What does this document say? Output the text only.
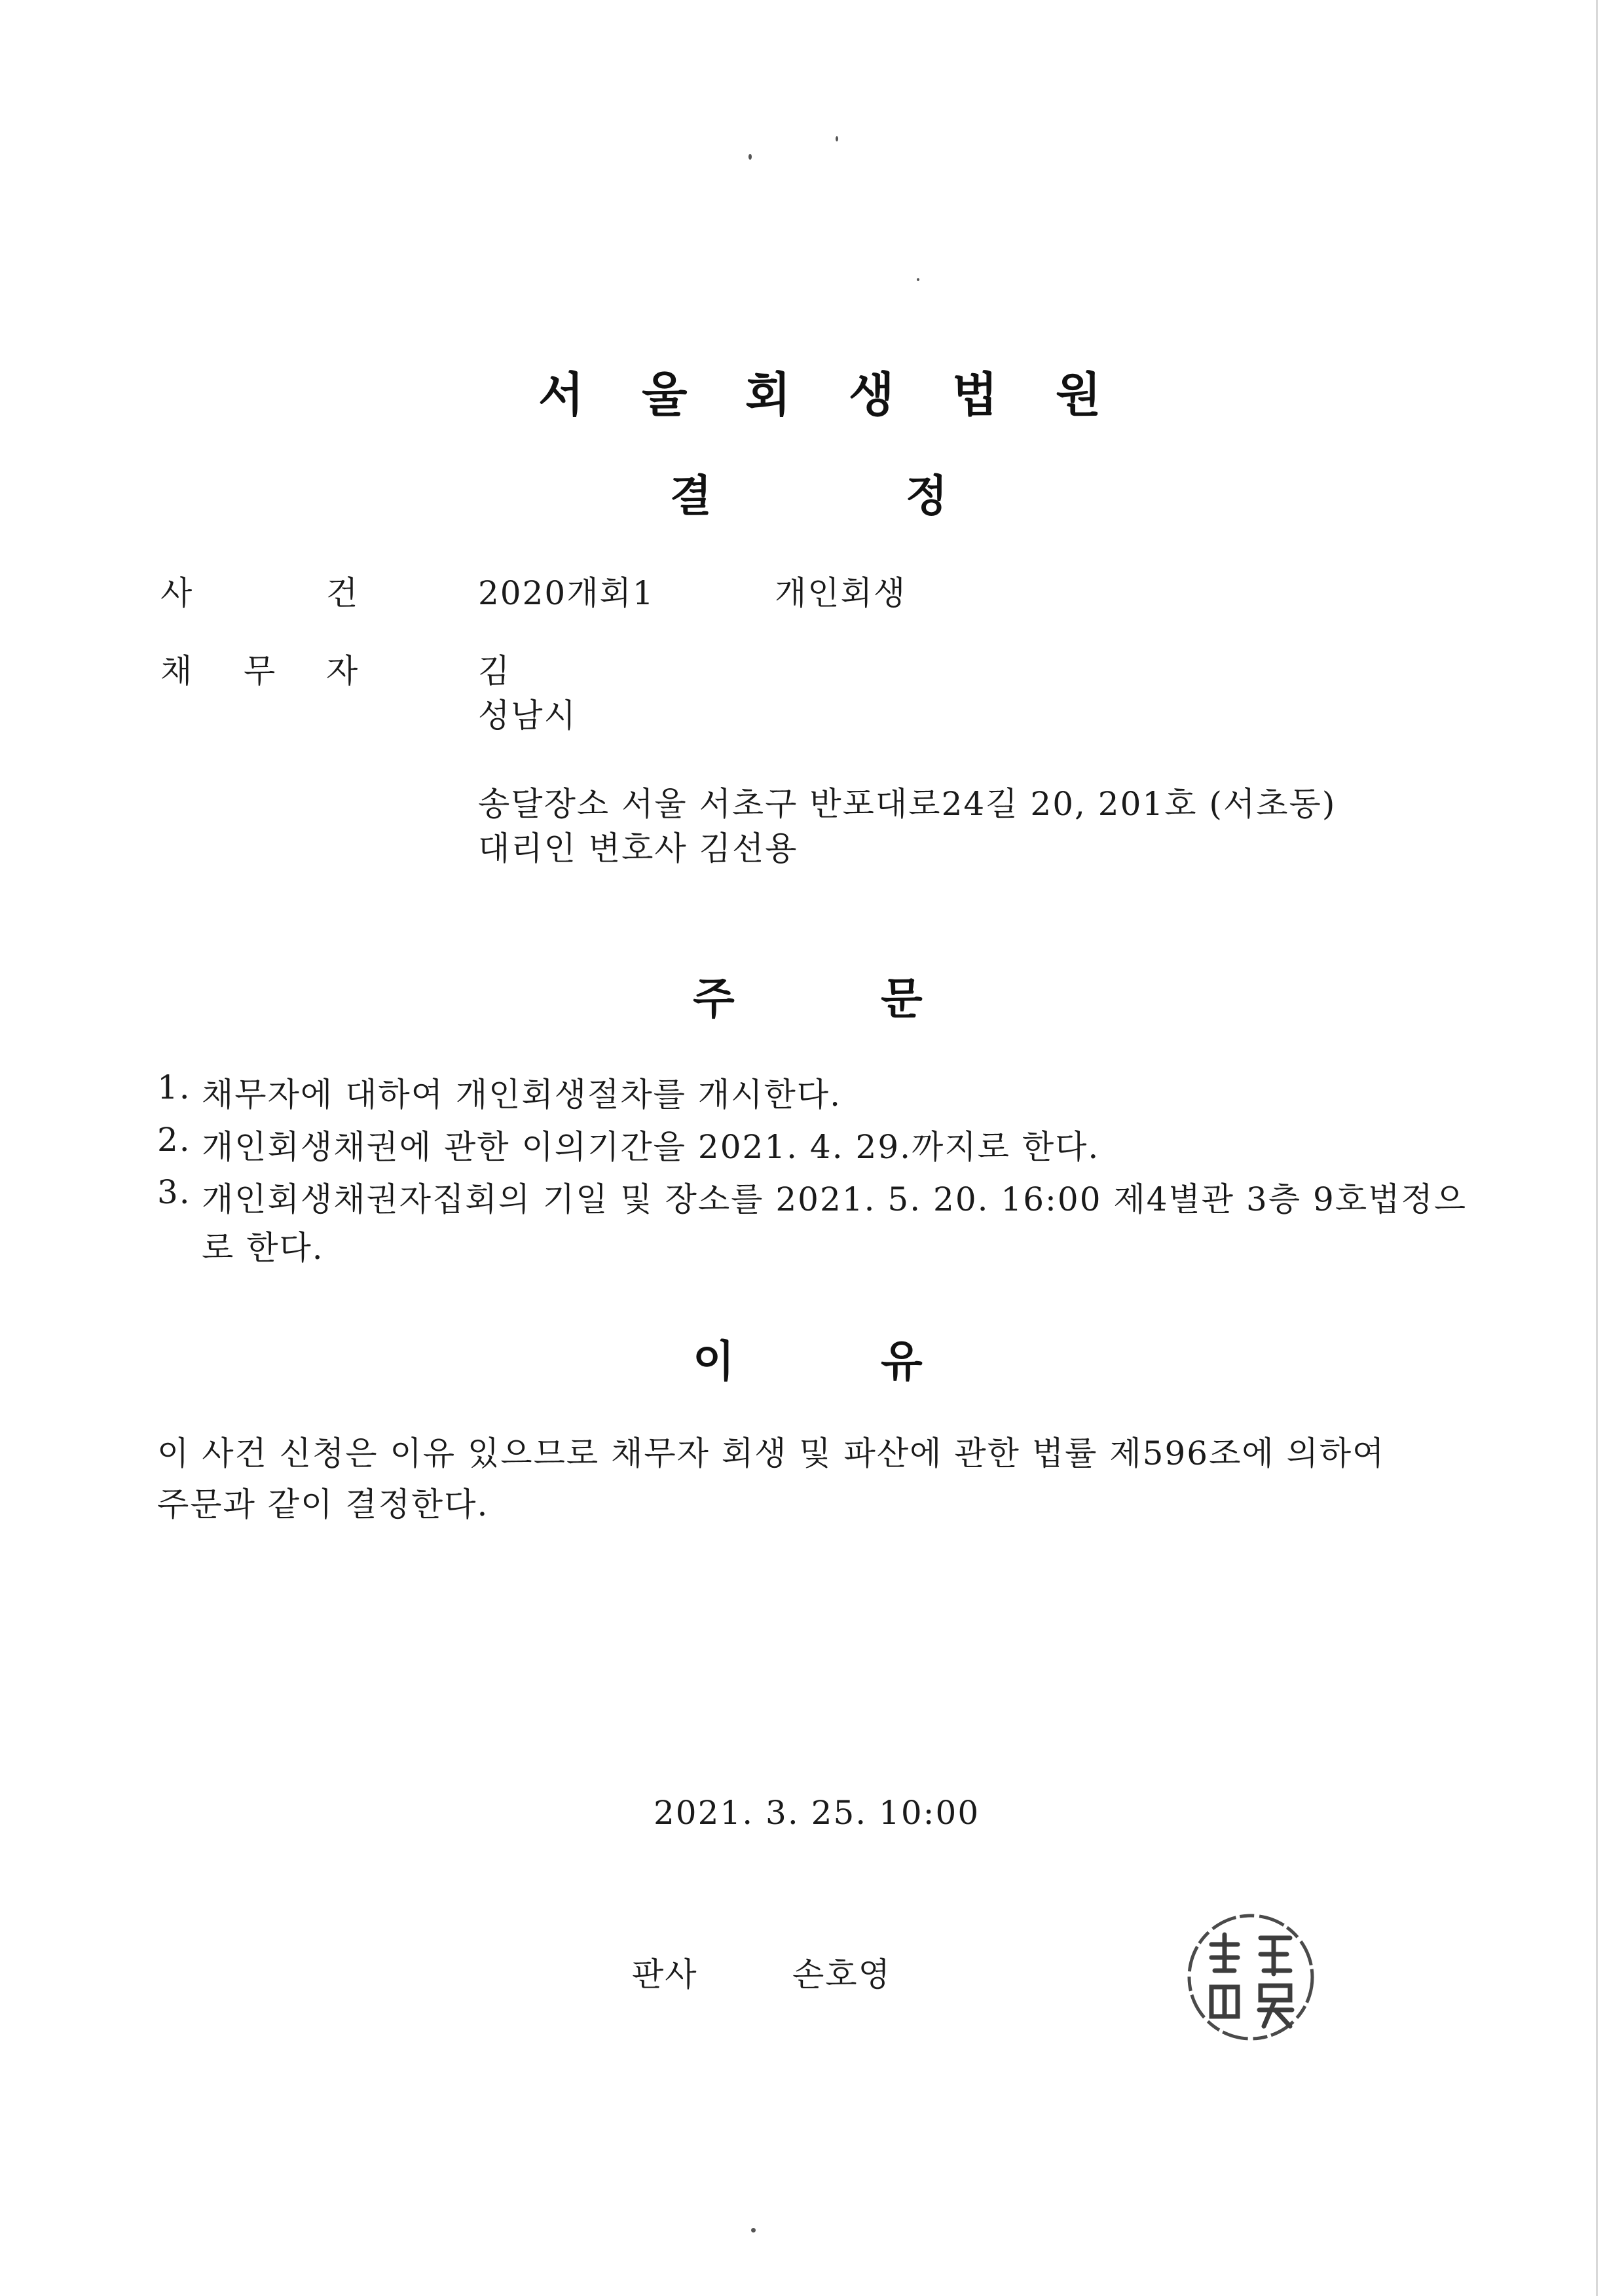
서 울 회 생 법 원
결	정
사	건	2020개회1	개인회생
채 무 자	김
성남시
송달장소 서울 서초구 반포대로24길 20, 201호 (서초동)
대리인 변호사 김선용
주	문
1. 채무자에 대하여 개인회생절차를 개시한다.
2. 개인회생채권에 관한 이의기간을 2021. 4. 29.까지로 한다.
3. 개인회생채권자집회의 기일 및 장소를 2021. 5. 20. 16:00 제4별관 3층 9호법정으
로 한다.
이	유
이 사건 신청은 이유 있으므로 채무자 회생 및 파산에 관한 법률 제596조에 의하여
주문과 같이 결정한다.
2021. 3. 25. 10:00
판사	손호영
